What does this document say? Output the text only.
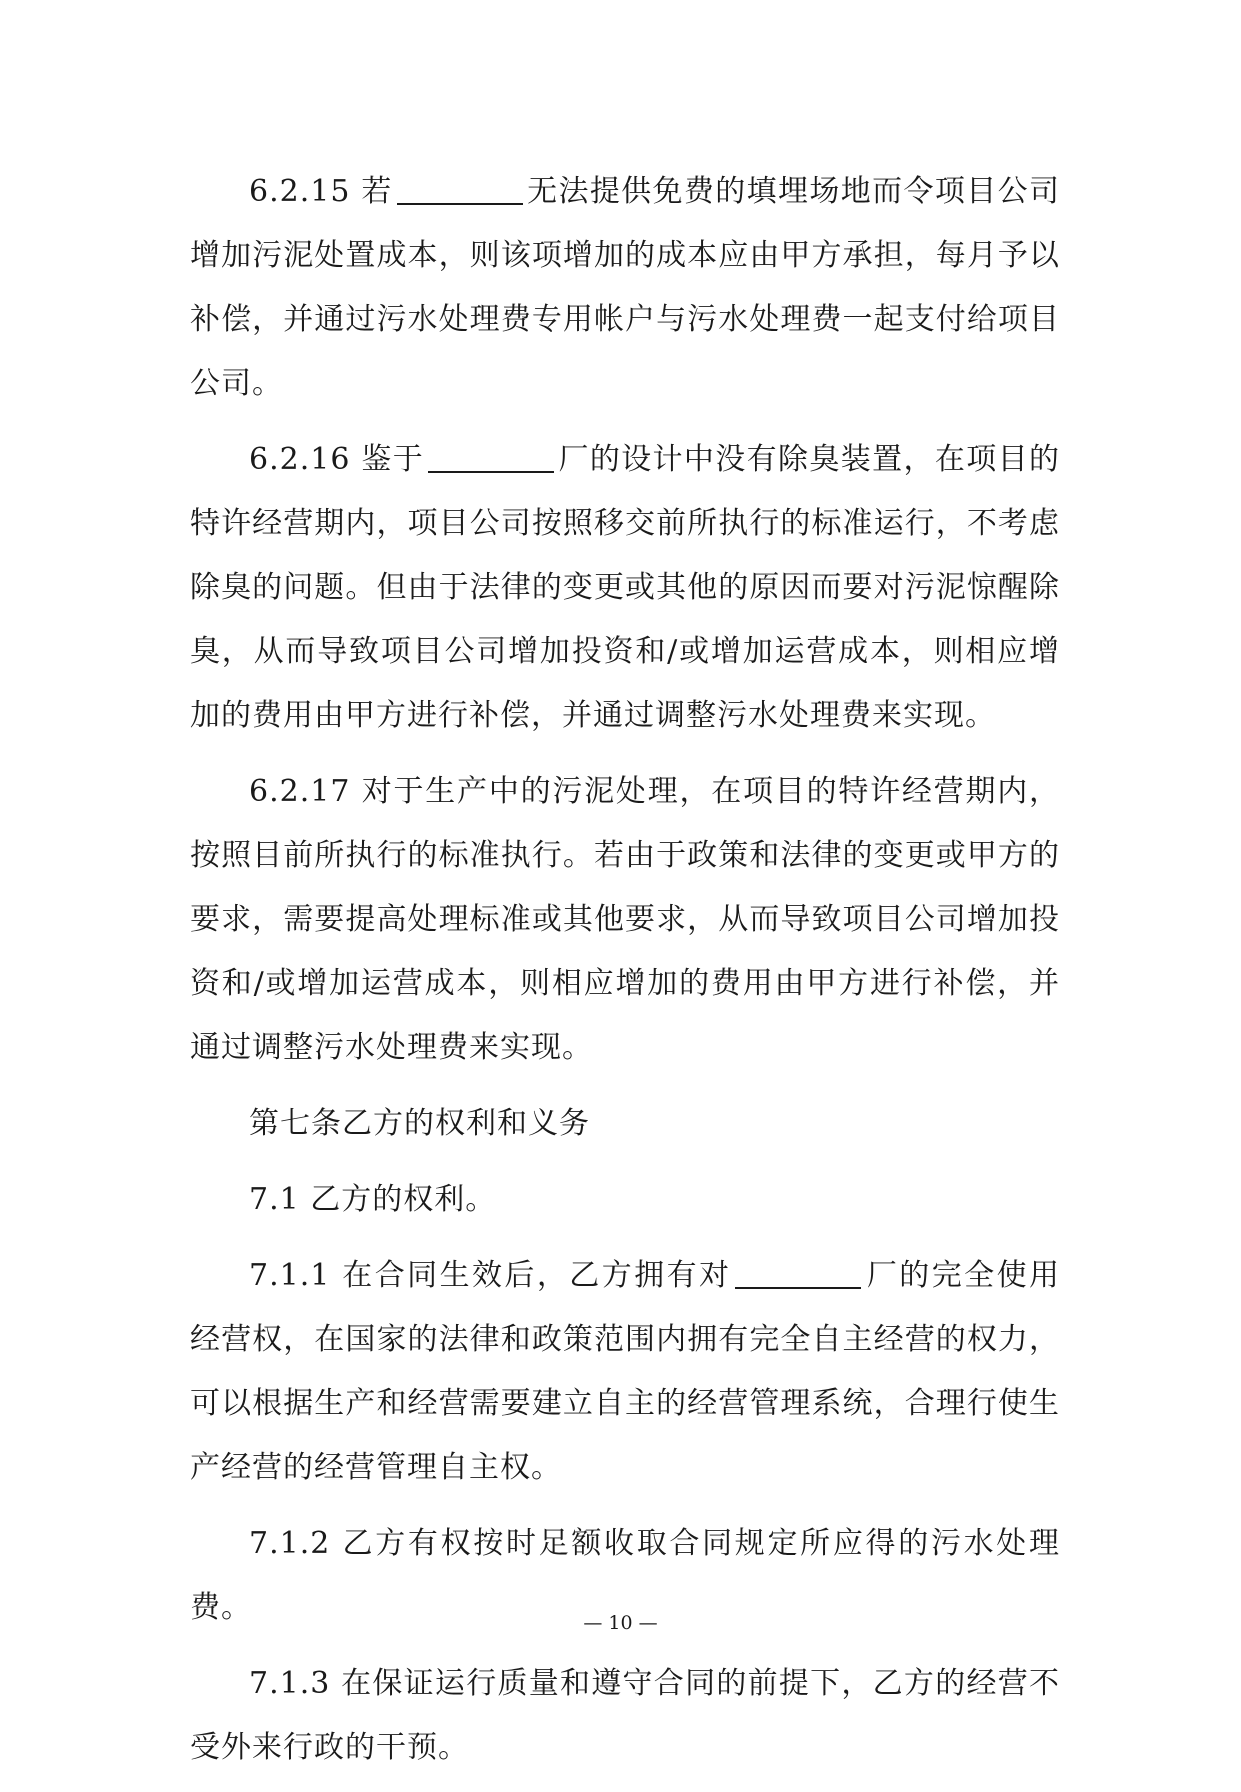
6.2.15 若	无法提供免费的填埋场地而令项目公司增加污泥处置成本，则该项增加的成本应由甲方承担，每月予以补偿，并通过污水处理费专用帐户与污水处理费一起支付给项目公司。

6.2.16 鉴于	厂的设计中没有除臭装置，在项目的特许经营期内，项目公司按照移交前所执行的标准运行，不考虑除臭的问题。但由于法律的变更或其他的原因而要对污泥惊醒除臭，从而导致项目公司增加投资和/或增加运营成本，则相应增加的费用由甲方进行补偿，并通过调整污水处理费来实现。

6.2.17 对于生产中的污泥处理，在项目的特许经营期内，按照目前所执行的标准执行。若由于政策和法律的变更或甲方的要求，需要提高处理标准或其他要求，从而导致项目公司增加投资和/或增加运营成本，则相应增加的费用由甲方进行补偿，并通过调整污水处理费来实现。

第七条乙方的权利和义务

7.1 乙方的权利。

7.1.1 在合同生效后，乙方拥有对	厂的完全使用经营权，在国家的法律和政策范围内拥有完全自主经营的权力，可以根据生产和经营需要建立自主的经营管理系统，合理行使生产经营的经营管理自主权。

7.1.2 乙方有权按时足额收取合同规定所应得的污水处理费。

7.1.3 在保证运行质量和遵守合同的前提下，乙方的经营不受外来行政的干预。

— 10 —
